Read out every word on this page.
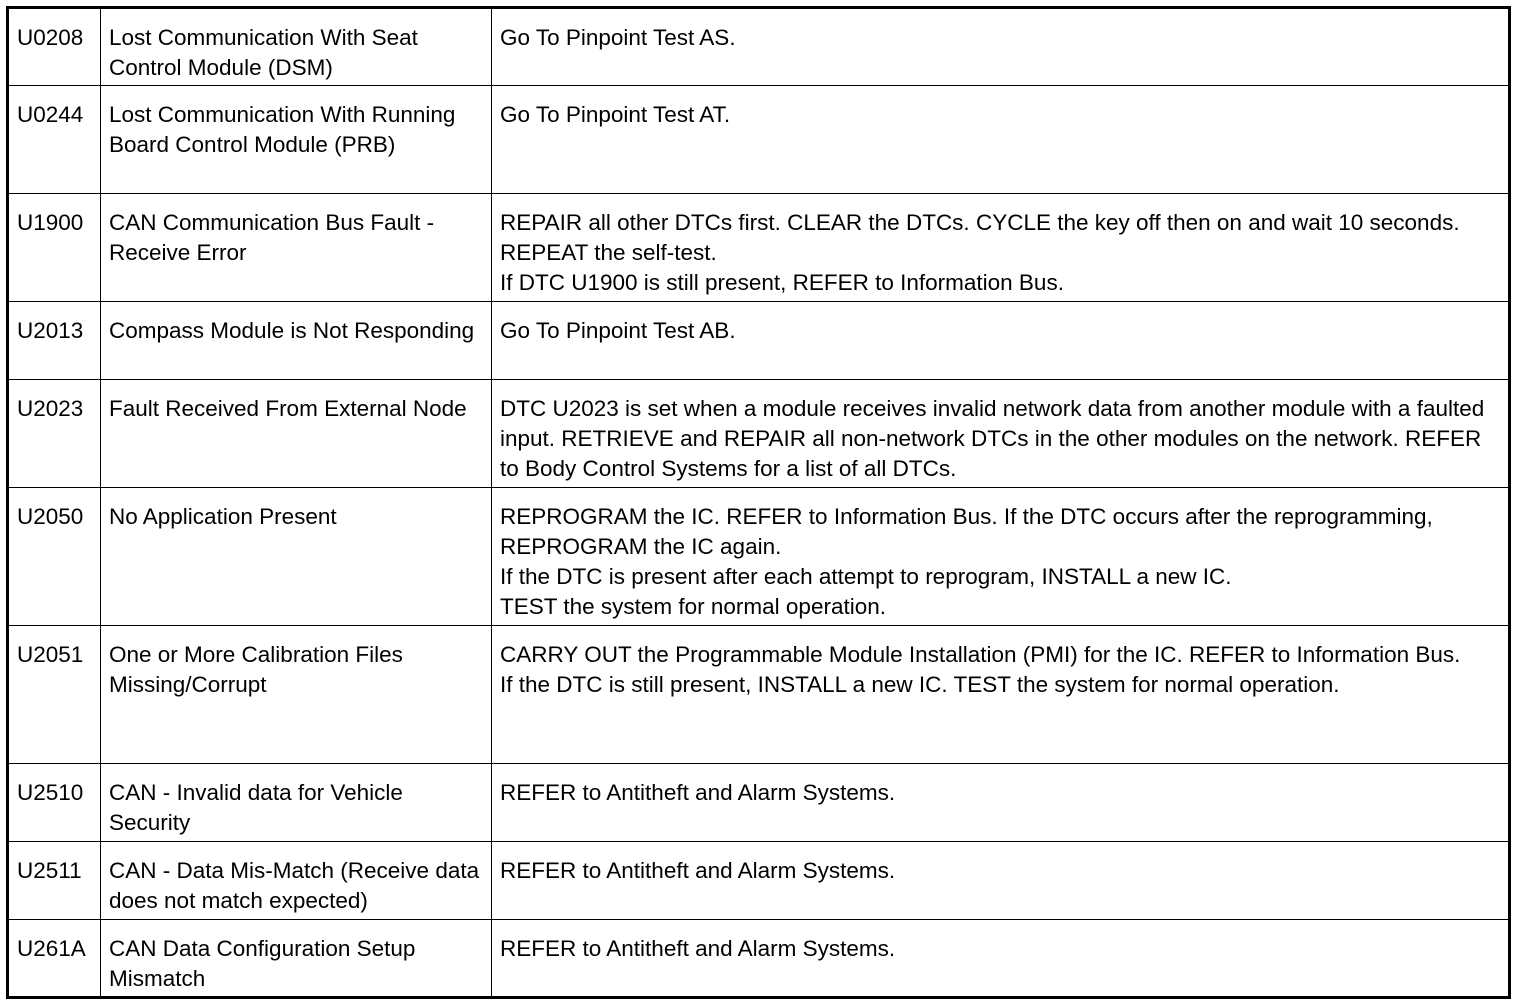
U0208	Lost Communication With Seat Control Module (DSM)	Go To Pinpoint Test AS.

U0244	Lost Communication With Running Board Control Module (PRB)	Go To Pinpoint Test AT.

U1900	CAN Communication Bus Fault - Receive Error	REPAIR all other DTCs first. CLEAR the DTCs. CYCLE the key off then on and wait 10 seconds. REPEAT the self-test.
If DTC U1900 is still present, REFER to Information Bus.

U2013	Compass Module is Not Responding	Go To Pinpoint Test AB.

U2023	Fault Received From External Node	DTC U2023 is set when a module receives invalid network data from another module with a faulted input. RETRIEVE and REPAIR all non-network DTCs in the other modules on the network. REFER to Body Control Systems for a list of all DTCs.

U2050	No Application Present	REPROGRAM the IC. REFER to Information Bus. If the DTC occurs after the reprogramming, REPROGRAM the IC again.
If the DTC is present after each attempt to reprogram, INSTALL a new IC.
TEST the system for normal operation.

U2051	One or More Calibration Files Missing/Corrupt	CARRY OUT the Programmable Module Installation (PMI) for the IC. REFER to Information Bus.
If the DTC is still present, INSTALL a new IC. TEST the system for normal operation.

U2510	CAN - Invalid data for Vehicle Security	REFER to Antitheft and Alarm Systems.

U2511	CAN - Data Mis-Match (Receive data does not match expected)	REFER to Antitheft and Alarm Systems.

U261A	CAN Data Configuration Setup Mismatch	REFER to Antitheft and Alarm Systems.
